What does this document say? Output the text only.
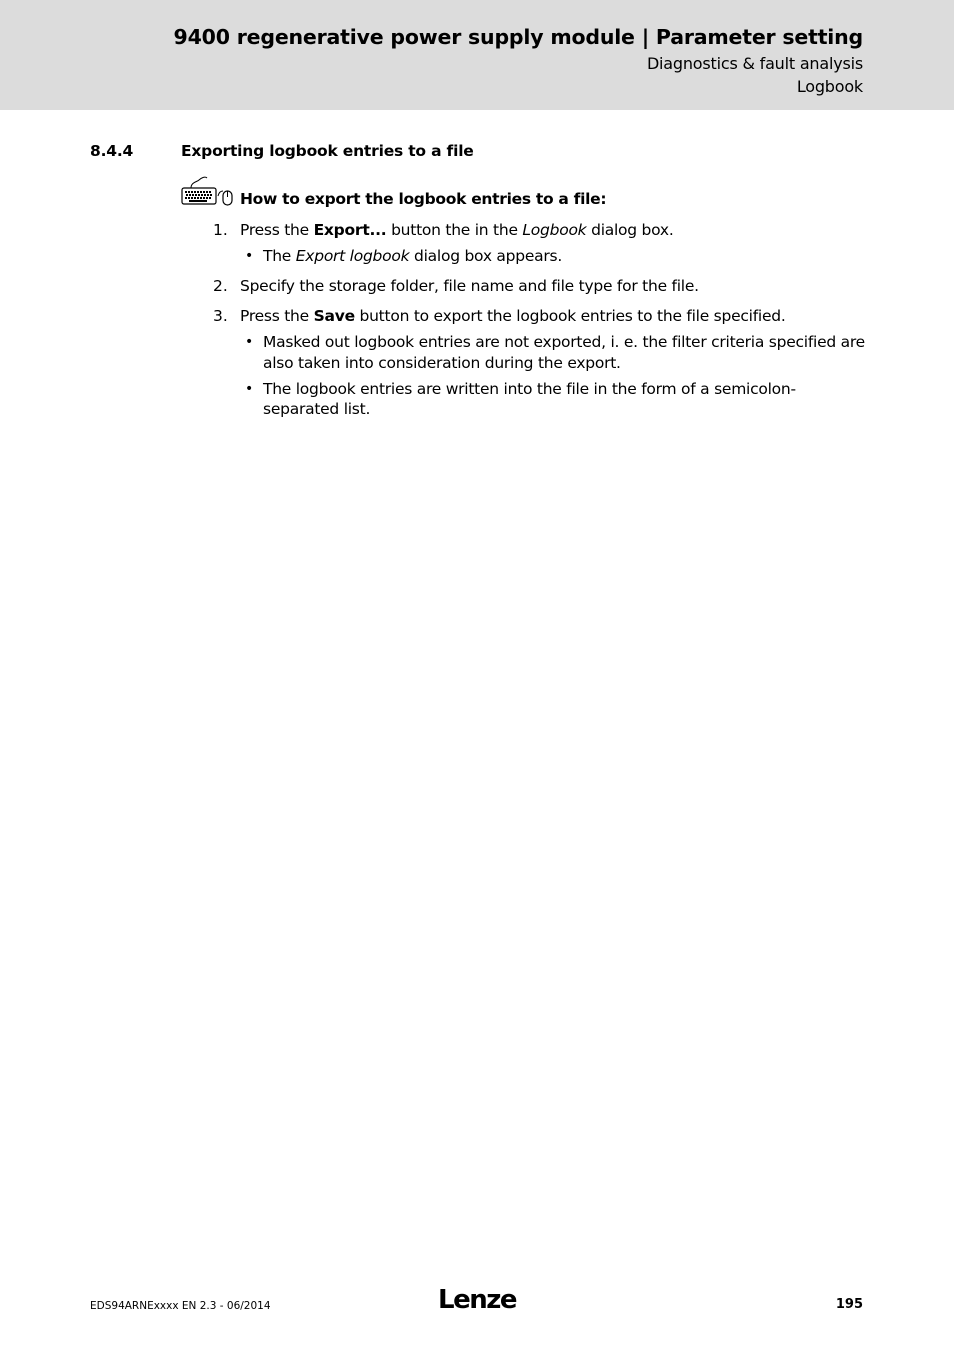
9400 regenerative power supply module | Parameter setting
Diagnostics & fault analysis
Logbook
8.4.4	Exporting logbook entries to a file
How to export the logbook entries to a file:
1. Press the Export... button the in the Logbook dialog box.
• The Export logbook dialog box appears.
2. Specify the storage folder, file name and file type for the file.
3. Press the Save button to export the logbook entries to the file specified.
• Masked out logbook entries are not exported, i. e. the filter criteria specified are
also taken into consideration during the export.
• The logbook entries are written into the file in the form of a semicolon-
separated list.
EDS94ARNExxxx EN 2.3 - 06/2014	Lenze	195
